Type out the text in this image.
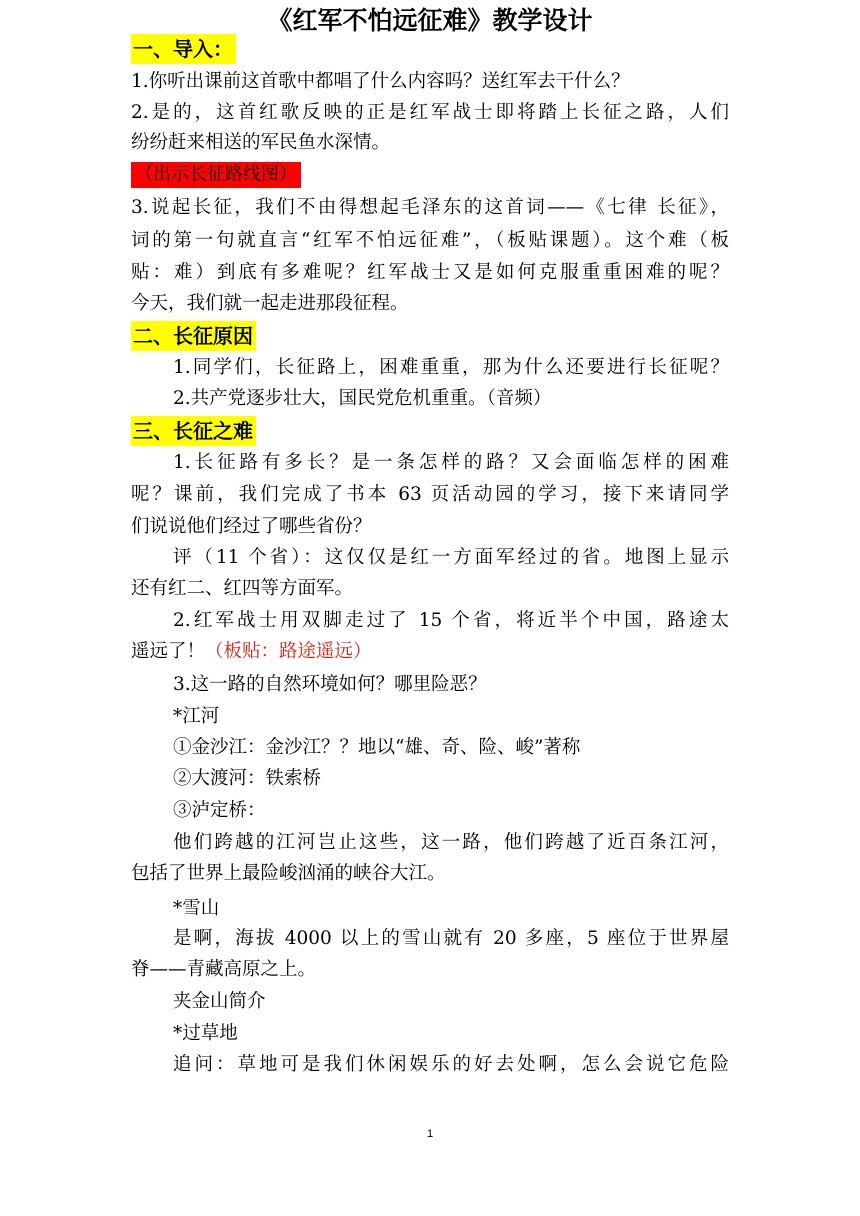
《红军不怕远征难》教学设计
一、导入：
1.你听出课前这首歌中都唱了什么内容吗？送红军去干什么？
2.是的，这首红歌反映的正是红军战士即将踏上长征之路，人们
纷纷赶来相送的军民鱼水深情。
（出示长征路线图）
3.说起长征，我们不由得想起毛泽东的这首词——《七律 长征》，
词的第一句就直言“红军不怕远征难”，（板贴课题）。这个难（板
贴：难）到底有多难呢？红军战士又是如何克服重重困难的呢？
今天，我们就一起走进那段征程。
二、长征原因
1.同学们，长征路上，困难重重，那为什么还要进行长征呢？
2.共产党逐步壮大，国民党危机重重。（音频）
三、长征之难
1.长征路有多长？是一条怎样的路？又会面临怎样的困难
呢？课前，我们完成了书本 63 页活动园的学习，接下来请同学
们说说他们经过了哪些省份？
评（11 个省）：这仅仅是红一方面军经过的省。地图上显示
还有红二、红四等方面军。
2.红军战士用双脚走过了 15 个省，将近半个中国，路途太
遥远了！（板贴：路途遥远）
3.这一路的自然环境如何？哪里险恶？
*江河
①金沙江：金沙江？？地以“雄、奇、险、峻”著称
②大渡河：铁索桥
③泸定桥：
他们跨越的江河岂止这些，这一路，他们跨越了近百条江河，
包括了世界上最险峻汹涌的峡谷大江。
*雪山
是啊，海拔 4000 以上的雪山就有 20 多座，5 座位于世界屋
脊——青藏高原之上。
夹金山简介
*过草地
追问：草地可是我们休闲娱乐的好去处啊，怎么会说它危险
1
